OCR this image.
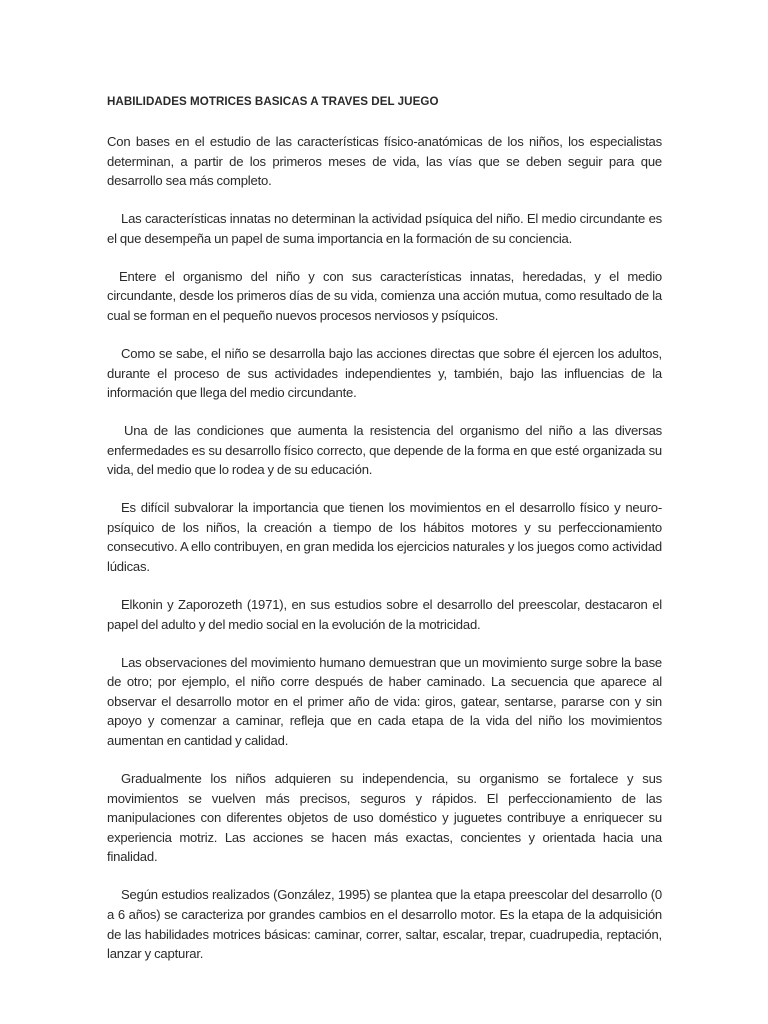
HABILIDADES MOTRICES BASICAS A TRAVES DEL JUEGO

Con bases en el estudio de las características físico-anatómicas de los niños, los especialistas determinan, a partir de los primeros meses de vida, las vías que se deben seguir para que desarrollo sea más completo.

Las características innatas no determinan la actividad psíquica del niño. El medio circundante es el que desempeña un papel de suma importancia en la formación de su conciencia.

Entere el organismo del niño y con sus características innatas, heredadas, y el medio circundante, desde los primeros días de su vida, comienza una acción mutua, como resultado de la cual se forman en el pequeño nuevos procesos nerviosos y psíquicos.

Como se sabe, el niño se desarrolla bajo las acciones directas que sobre él ejercen los adultos, durante el proceso de sus actividades independientes y, también, bajo las influencias de la información que llega del medio circundante.

Una de las condiciones que aumenta la resistencia del organismo del niño a las diversas enfermedades es su desarrollo físico correcto, que depende de la forma en que esté organizada su vida, del medio que lo rodea y de su educación.

Es difícil subvalorar la importancia que tienen los movimientos en el desarrollo físico y neuro-psíquico de los niños, la creación a tiempo de los hábitos motores y su perfeccionamiento consecutivo. A ello contribuyen, en gran medida los ejercicios naturales y los juegos como actividad lúdicas.

Elkonin y Zaporozeth (1971), en sus estudios sobre el desarrollo del preescolar, destacaron el papel del adulto y del medio social en la evolución de la motricidad.

Las observaciones del movimiento humano demuestran que un movimiento surge sobre la base de otro; por ejemplo, el niño corre después de haber caminado. La secuencia que aparece al observar el desarrollo motor en el primer año de vida: giros, gatear, sentarse, pararse con y sin apoyo y comenzar a caminar, refleja que en cada etapa de la vida del niño los movimientos aumentan en cantidad y calidad.

Gradualmente los niños adquieren su independencia, su organismo se fortalece y sus movimientos se vuelven más precisos, seguros y rápidos. El perfeccionamiento de las manipulaciones con diferentes objetos de uso doméstico y juguetes contribuye a enriquecer su experiencia motriz. Las acciones se hacen más exactas, concientes y orientada hacia una finalidad.

Según estudios realizados (González, 1995) se plantea que la etapa preescolar del desarrollo (0 a 6 años) se caracteriza por grandes cambios en el desarrollo motor. Es la etapa de la adquisición de las habilidades motrices básicas: caminar, correr, saltar, escalar, trepar, cuadrupedia, reptación, lanzar y capturar.
